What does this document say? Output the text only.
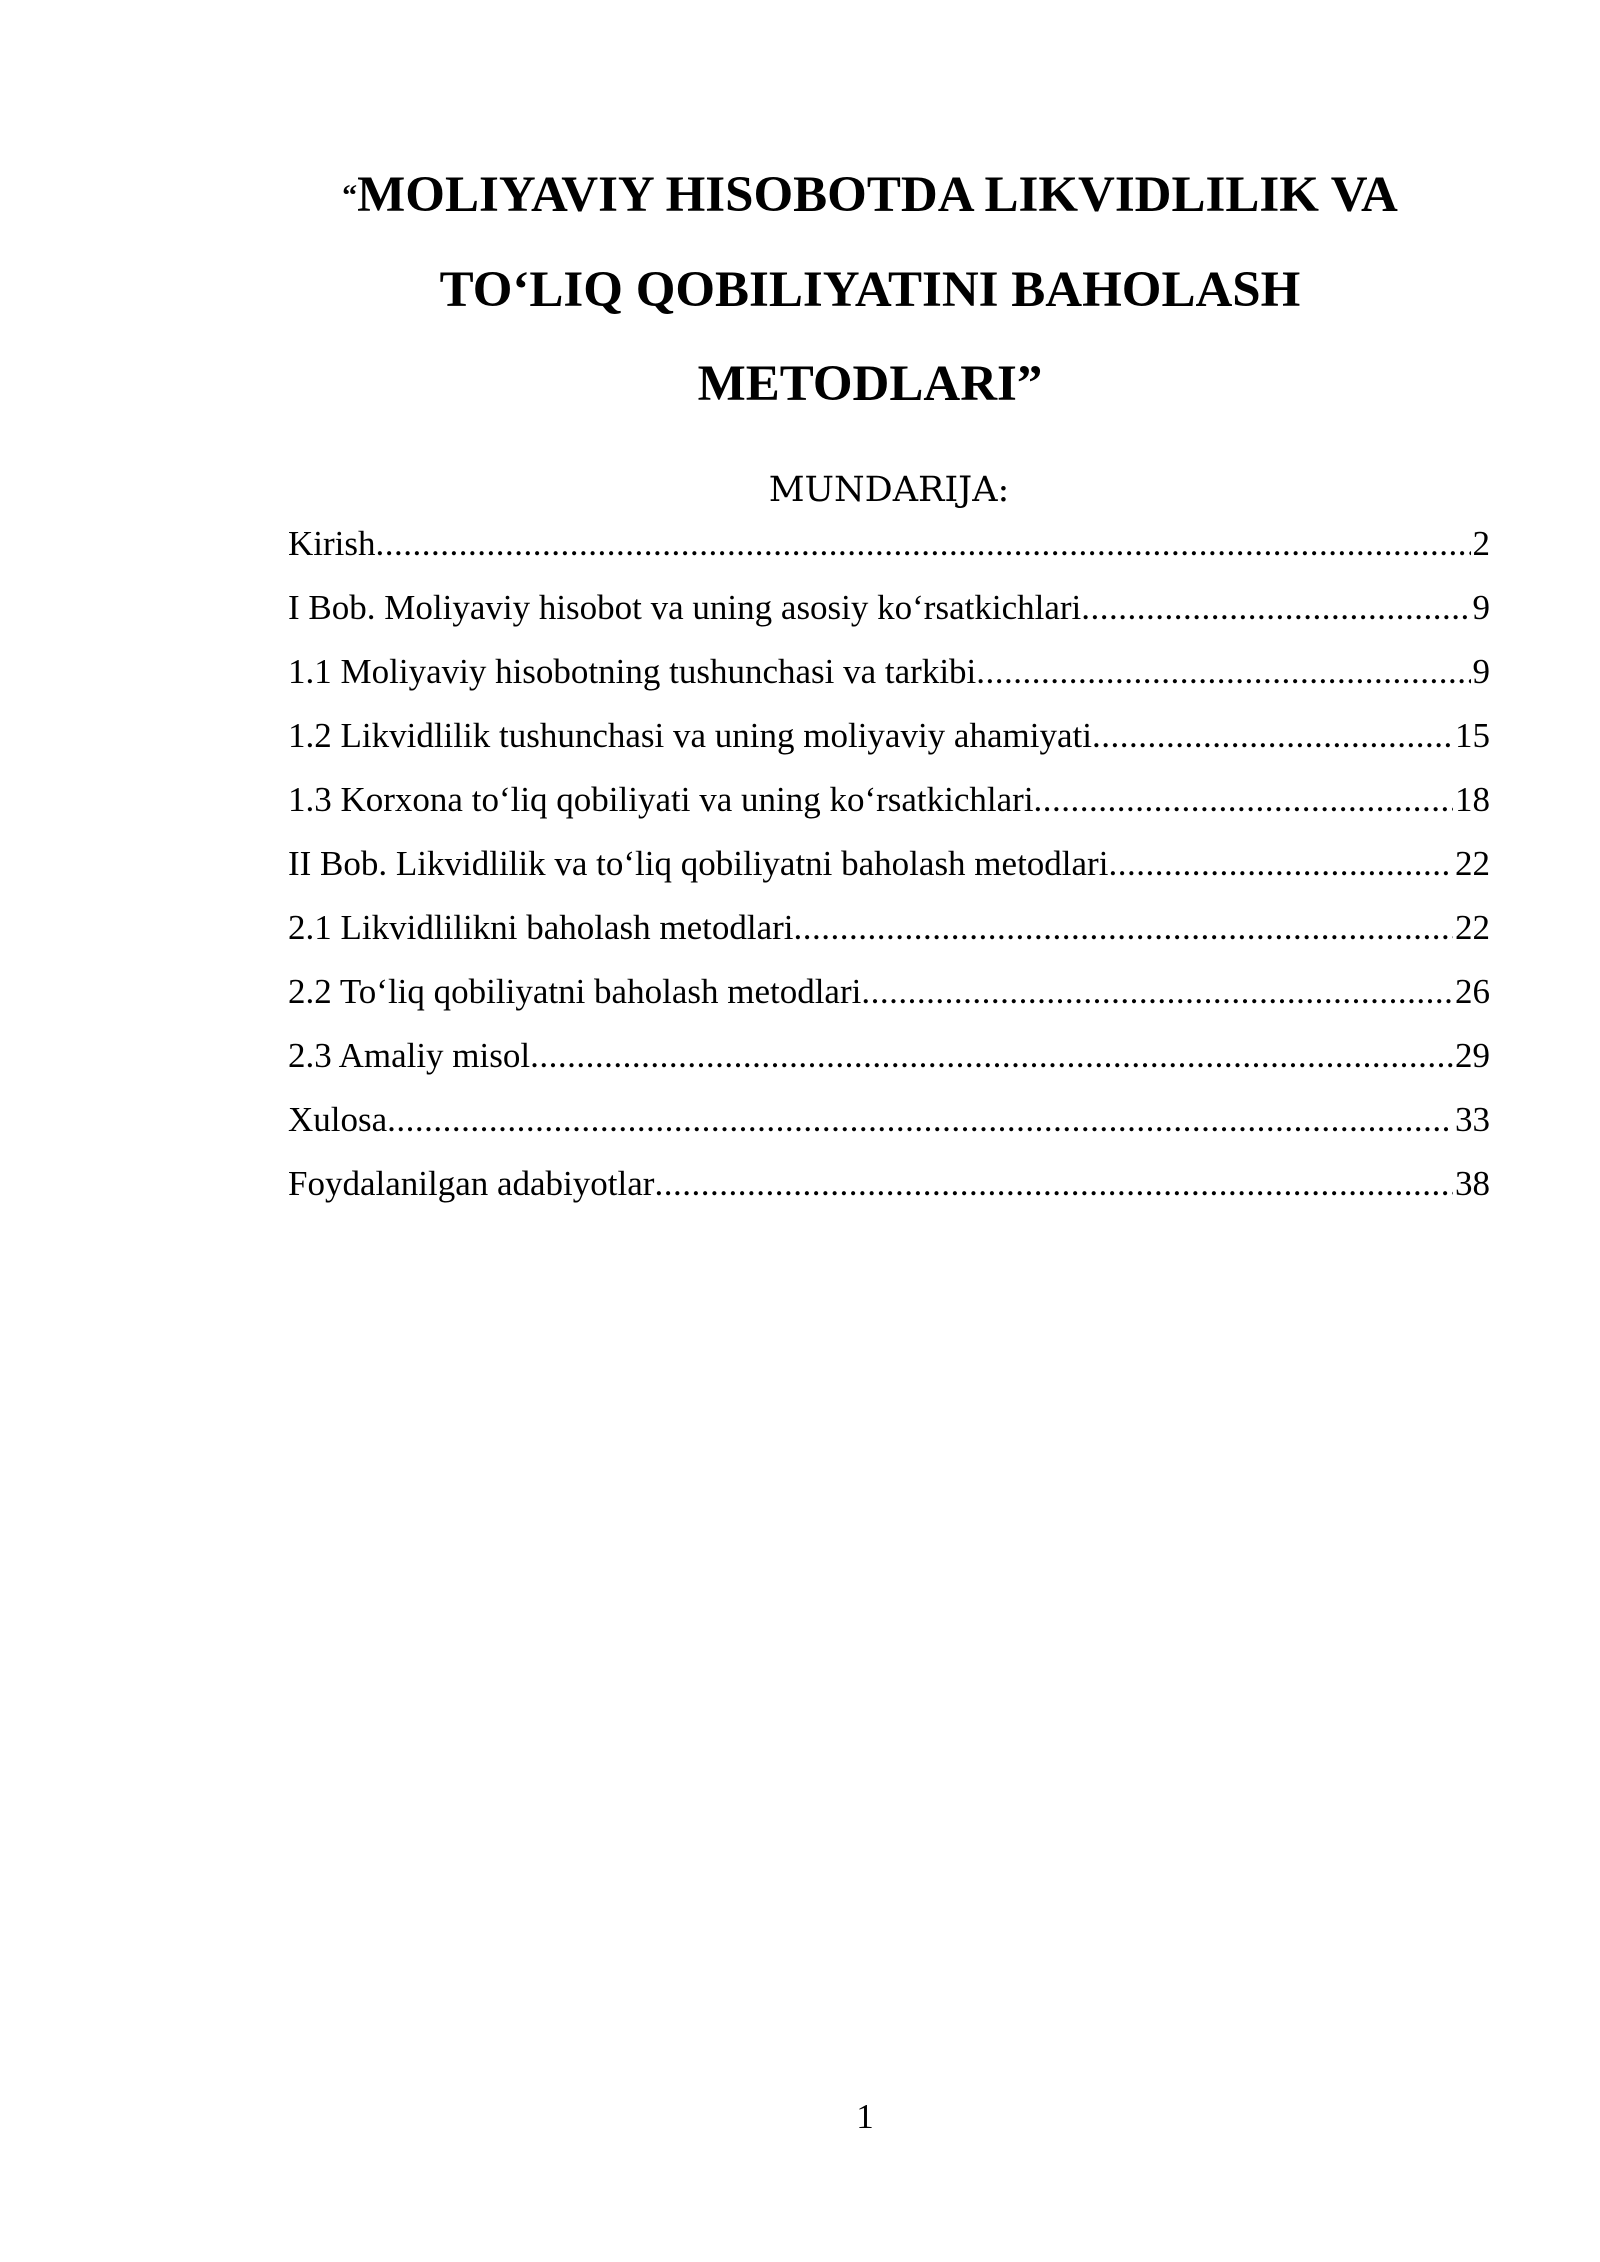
“MOLIYAVIY HISOBOTDA LIKVIDLILIK VA
TO‘LIQ QOBILIYATINI BAHOLASH
METODLARI”
MUNDARIJA:
Kirish .....	2
I Bob. Moliyaviy hisobot va uning asosiy ko‘rsatkichlari .....	9
1.1 Moliyaviy hisobotning tushunchasi va tarkibi .....	9
1.2 Likvidlilik tushunchasi va uning moliyaviy ahamiyati .....	15
1.3 Korxona to‘liq qobiliyati va uning ko‘rsatkichlari .....	18
II Bob. Likvidlilik va to‘liq qobiliyatni baholash metodlari .....	22
2.1 Likvidlilikni baholash metodlari .....	22
2.2 To‘liq qobiliyatni baholash metodlari .....	26
2.3 Amaliy misol .....	29
Xulosa .....	33
Foydalanilgan adabiyotlar .....	38
1
